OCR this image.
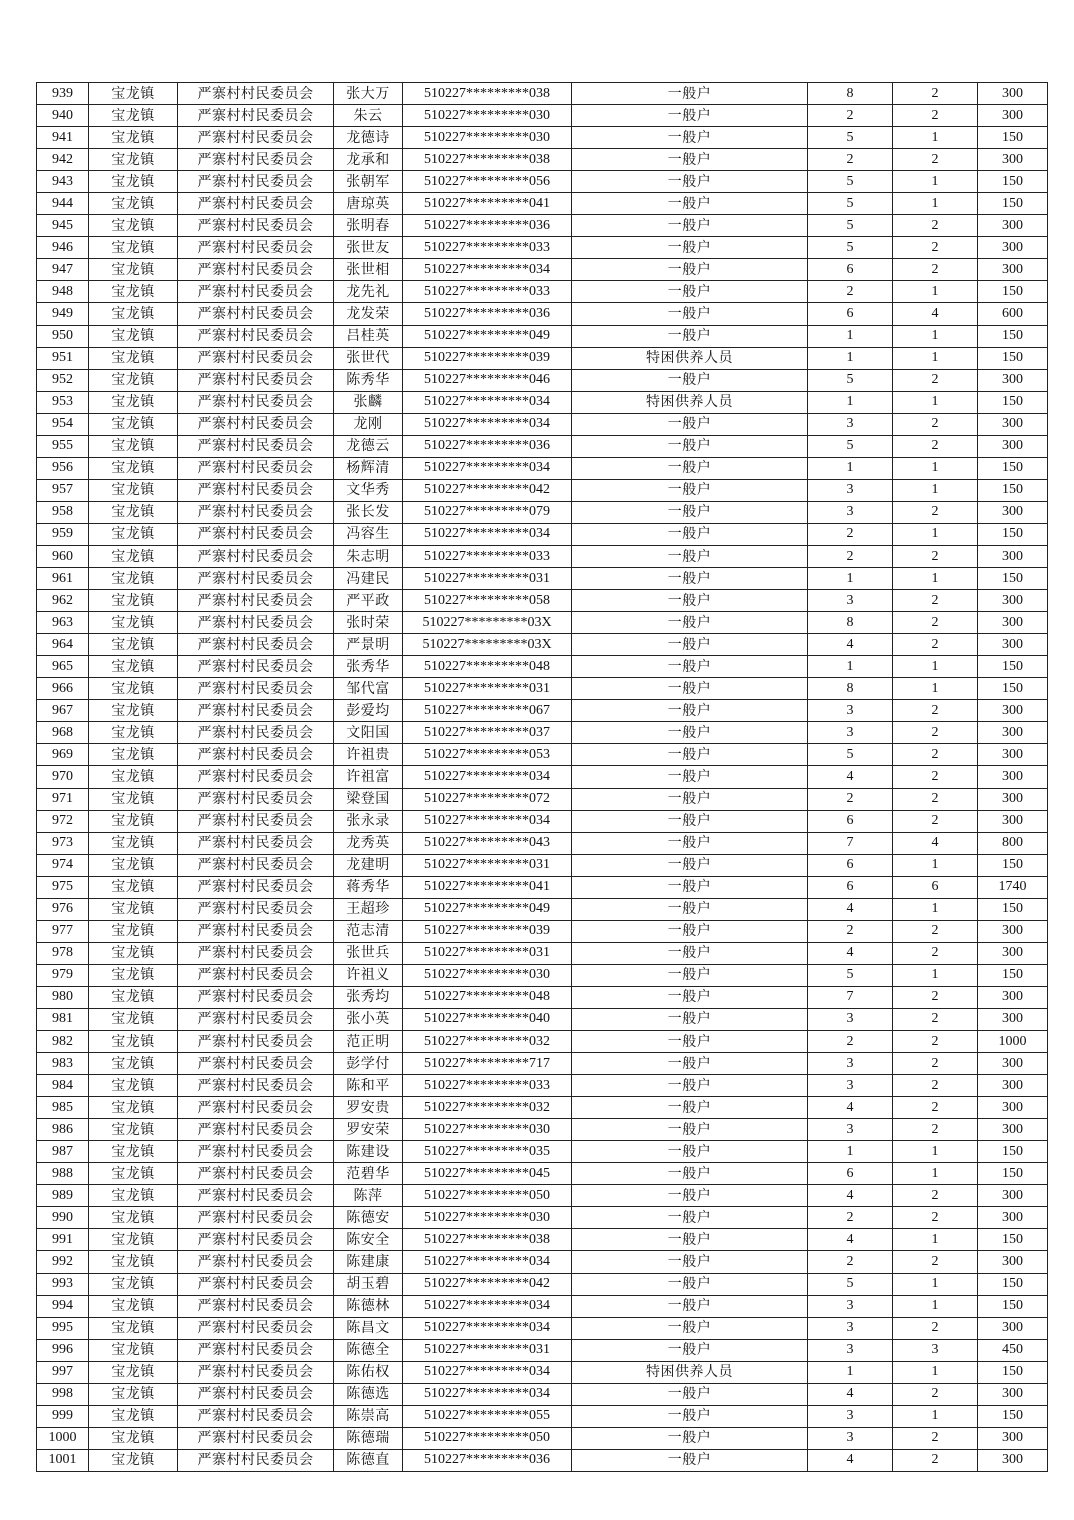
939	宝龙镇	严寨村村民委员会	张大万	510227*********038	一般户	8	2	300
940	宝龙镇	严寨村村民委员会	朱云	510227*********030	一般户	2	2	300
941	宝龙镇	严寨村村民委员会	龙德诗	510227*********030	一般户	5	1	150
942	宝龙镇	严寨村村民委员会	龙承和	510227*********038	一般户	2	2	300
943	宝龙镇	严寨村村民委员会	张朝军	510227*********056	一般户	5	1	150
944	宝龙镇	严寨村村民委员会	唐琼英	510227*********041	一般户	5	1	150
945	宝龙镇	严寨村村民委员会	张明春	510227*********036	一般户	5	2	300
946	宝龙镇	严寨村村民委员会	张世友	510227*********033	一般户	5	2	300
947	宝龙镇	严寨村村民委员会	张世相	510227*********034	一般户	6	2	300
948	宝龙镇	严寨村村民委员会	龙先礼	510227*********033	一般户	2	1	150
949	宝龙镇	严寨村村民委员会	龙发荣	510227*********036	一般户	6	4	600
950	宝龙镇	严寨村村民委员会	吕桂英	510227*********049	一般户	1	1	150
951	宝龙镇	严寨村村民委员会	张世代	510227*********039	特困供养人员	1	1	150
952	宝龙镇	严寨村村民委员会	陈秀华	510227*********046	一般户	5	2	300
953	宝龙镇	严寨村村民委员会	张麟	510227*********034	特困供养人员	1	1	150
954	宝龙镇	严寨村村民委员会	龙刚	510227*********034	一般户	3	2	300
955	宝龙镇	严寨村村民委员会	龙德云	510227*********036	一般户	5	2	300
956	宝龙镇	严寨村村民委员会	杨辉清	510227*********034	一般户	1	1	150
957	宝龙镇	严寨村村民委员会	文华秀	510227*********042	一般户	3	1	150
958	宝龙镇	严寨村村民委员会	张长发	510227*********079	一般户	3	2	300
959	宝龙镇	严寨村村民委员会	冯容生	510227*********034	一般户	2	1	150
960	宝龙镇	严寨村村民委员会	朱志明	510227*********033	一般户	2	2	300
961	宝龙镇	严寨村村民委员会	冯建民	510227*********031	一般户	1	1	150
962	宝龙镇	严寨村村民委员会	严平政	510227*********058	一般户	3	2	300
963	宝龙镇	严寨村村民委员会	张时荣	510227*********03X	一般户	8	2	300
964	宝龙镇	严寨村村民委员会	严景明	510227*********03X	一般户	4	2	300
965	宝龙镇	严寨村村民委员会	张秀华	510227*********048	一般户	1	1	150
966	宝龙镇	严寨村村民委员会	邹代富	510227*********031	一般户	8	1	150
967	宝龙镇	严寨村村民委员会	彭爱均	510227*********067	一般户	3	2	300
968	宝龙镇	严寨村村民委员会	文阳国	510227*********037	一般户	3	2	300
969	宝龙镇	严寨村村民委员会	许祖贵	510227*********053	一般户	5	2	300
970	宝龙镇	严寨村村民委员会	许祖富	510227*********034	一般户	4	2	300
971	宝龙镇	严寨村村民委员会	梁登国	510227*********072	一般户	2	2	300
972	宝龙镇	严寨村村民委员会	张永录	510227*********034	一般户	6	2	300
973	宝龙镇	严寨村村民委员会	龙秀英	510227*********043	一般户	7	4	800
974	宝龙镇	严寨村村民委员会	龙建明	510227*********031	一般户	6	1	150
975	宝龙镇	严寨村村民委员会	蒋秀华	510227*********041	一般户	6	6	1740
976	宝龙镇	严寨村村民委员会	王超珍	510227*********049	一般户	4	1	150
977	宝龙镇	严寨村村民委员会	范志清	510227*********039	一般户	2	2	300
978	宝龙镇	严寨村村民委员会	张世兵	510227*********031	一般户	4	2	300
979	宝龙镇	严寨村村民委员会	许祖义	510227*********030	一般户	5	1	150
980	宝龙镇	严寨村村民委员会	张秀均	510227*********048	一般户	7	2	300
981	宝龙镇	严寨村村民委员会	张小英	510227*********040	一般户	3	2	300
982	宝龙镇	严寨村村民委员会	范正明	510227*********032	一般户	2	2	1000
983	宝龙镇	严寨村村民委员会	彭学付	510227*********717	一般户	3	2	300
984	宝龙镇	严寨村村民委员会	陈和平	510227*********033	一般户	3	2	300
985	宝龙镇	严寨村村民委员会	罗安贵	510227*********032	一般户	4	2	300
986	宝龙镇	严寨村村民委员会	罗安荣	510227*********030	一般户	3	2	300
987	宝龙镇	严寨村村民委员会	陈建设	510227*********035	一般户	1	1	150
988	宝龙镇	严寨村村民委员会	范碧华	510227*********045	一般户	6	1	150
989	宝龙镇	严寨村村民委员会	陈萍	510227*********050	一般户	4	2	300
990	宝龙镇	严寨村村民委员会	陈德安	510227*********030	一般户	2	2	300
991	宝龙镇	严寨村村民委员会	陈安全	510227*********038	一般户	4	1	150
992	宝龙镇	严寨村村民委员会	陈建康	510227*********034	一般户	2	2	300
993	宝龙镇	严寨村村民委员会	胡玉碧	510227*********042	一般户	5	1	150
994	宝龙镇	严寨村村民委员会	陈德林	510227*********034	一般户	3	1	150
995	宝龙镇	严寨村村民委员会	陈昌文	510227*********034	一般户	3	2	300
996	宝龙镇	严寨村村民委员会	陈德全	510227*********031	一般户	3	3	450
997	宝龙镇	严寨村村民委员会	陈佑权	510227*********034	特困供养人员	1	1	150
998	宝龙镇	严寨村村民委员会	陈德选	510227*********034	一般户	4	2	300
999	宝龙镇	严寨村村民委员会	陈崇高	510227*********055	一般户	3	1	150
1000	宝龙镇	严寨村村民委员会	陈德瑞	510227*********050	一般户	3	2	300
1001	宝龙镇	严寨村村民委员会	陈德直	510227*********036	一般户	4	2	300
